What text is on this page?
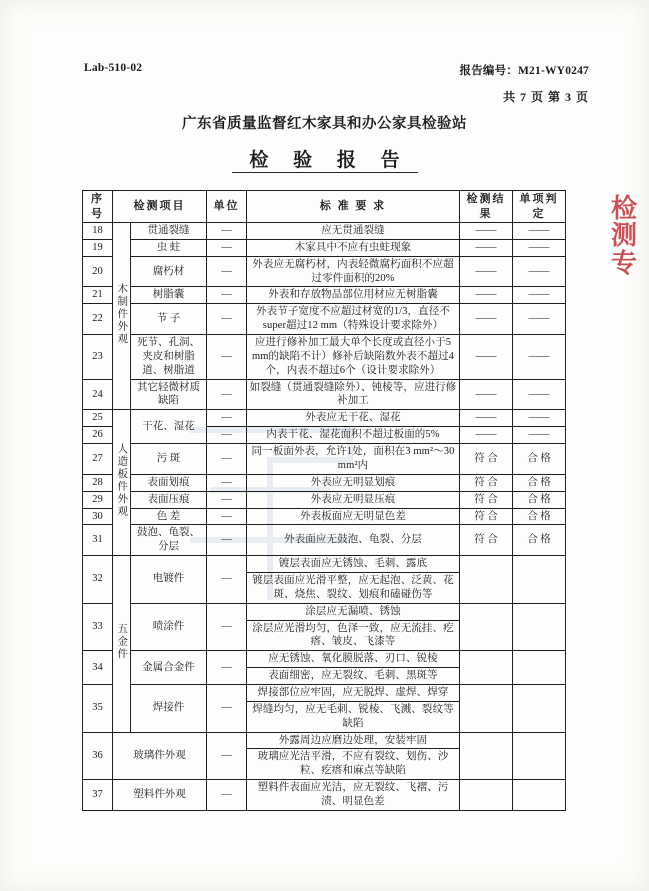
Lab-510-02	报告编号：M21-WY0247
共 7 页 第 3 页
广东省质量监督红木家具和办公家具检验站
检 验 报 告
检
测
专
序号	检测项目		单位	标 准 要 求	检测结果	单项判定
18	木制件外观	贯通裂缝	—	应无贯通裂缝	——	——
19		虫 蛀	—	木家具中不应有虫蛀现象	——	——
20		腐朽材	—	外表应无腐朽材，内表轻微腐朽面积不应超过零件面积的20%	——	——
21		树脂囊	—	外表和存放物品部位用材应无树脂囊	——	——
22		节 子	—	外表节子宽度不应超过材宽的1/3，直径不super超过12 mm（特殊设计要求除外）	——	——
23		死节、孔洞、夹皮和树脂道、树脂道	—	应进行修补加工最大单个长度或直径小于5 mm的缺陷不计）修补后缺陷数外表不超过4个，内表不超过6个（设计要求除外）	——	——
24		其它轻微材质缺陷	—	如裂缝（贯通裂缝除外）、钝棱等，应进行修补加工	——	——
25	人造板件外观	干花、湿花	—	外表应无干花、湿花	——	——
26			—	内表干花、湿花面积不超过板面的5%	——	——
27		污 斑	—	同一板面外表，允许1处，面积在3 mm²～30 mm²内	符 合	合 格
28		表面划痕	—	外表应无明显划痕	符 合	合 格
29		表面压痕	—	外表应无明显压痕	符 合	合 格
30		色 差	—	外表板面应无明显色差	符 合	合 格
31		鼓泡、龟裂、分层	—	外表面应无鼓泡、龟裂、分层	符 合	合 格
32	五金件	电镀件	—	镀层表面应无锈蚀、毛刺、露底		
				镀层表面应光滑平整，应无起泡、泛黄、花斑、烧焦、裂纹、划痕和磕碰伤等		
33		喷涂件	—	涂层应无漏喷、锈蚀		
				涂层应光滑均匀，色泽一致，应无流挂、疙瘩、皱皮、飞漆等		
34		金属合金件	—	应无锈蚀、氧化膜脱落、刃口、锐棱		
				表面细密，应无裂纹、毛刺、黑斑等		
35		焊接件	—	焊接部位应牢固，应无脱焊、虚焊、焊穿		
				焊缝均匀，应无毛刺、锐棱、飞溅、裂纹等缺陷		
36	玻璃件外观		—	外露周边应磨边处理，安装牢固		
				玻璃应光洁平滑，不应有裂纹、划伤、沙粒、疙瘩和麻点等缺陷		
37	塑料件外观		—	塑料件表面应光洁，应无裂纹、飞褶、污渍、明显色差		
